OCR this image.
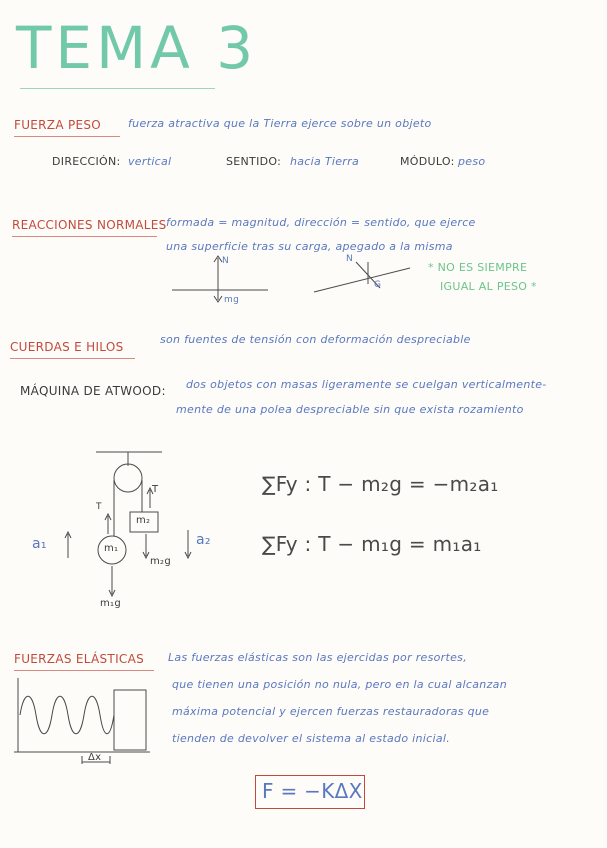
TEMA 3
FUERZA PESO fuerza atractiva que la Tierra ejerce sobre un objeto
DIRECCIÓN: vertical	SENTIDO: hacia Tierra	MÓDULO: peso
REACCIONES NORMALES formada = magnitud, dirección = sentido, que ejerce
una superficie tras su carga, apegado a la misma
* NO ES SIEMPRE
IGUAL AL PESO *
N
mg
N
G
CUERDAS E HILOS
son fuentes de tensión con deformación despreciable
MÁQUINA DE ATWOOD: dos objetos con masas ligeramente se cuelgan verticalmente-
mente de una polea despreciable sin que exista rozamiento
T
T
m₁
m₂
m₁g
m₂g
a₁	a₂
∑Fy : T − m₂g = −m₂a₁
∑Fy : T − m₁g = m₁a₁
FUERZAS ELÁSTICAS Las fuerzas elásticas son las ejercidas por resortes,
que tienen una posición no nula, pero en la cual alcanzan
máxima potencial y ejercen fuerzas restauradoras que
tienden de devolver el sistema al estado inicial.
Δx
F = −KΔX
